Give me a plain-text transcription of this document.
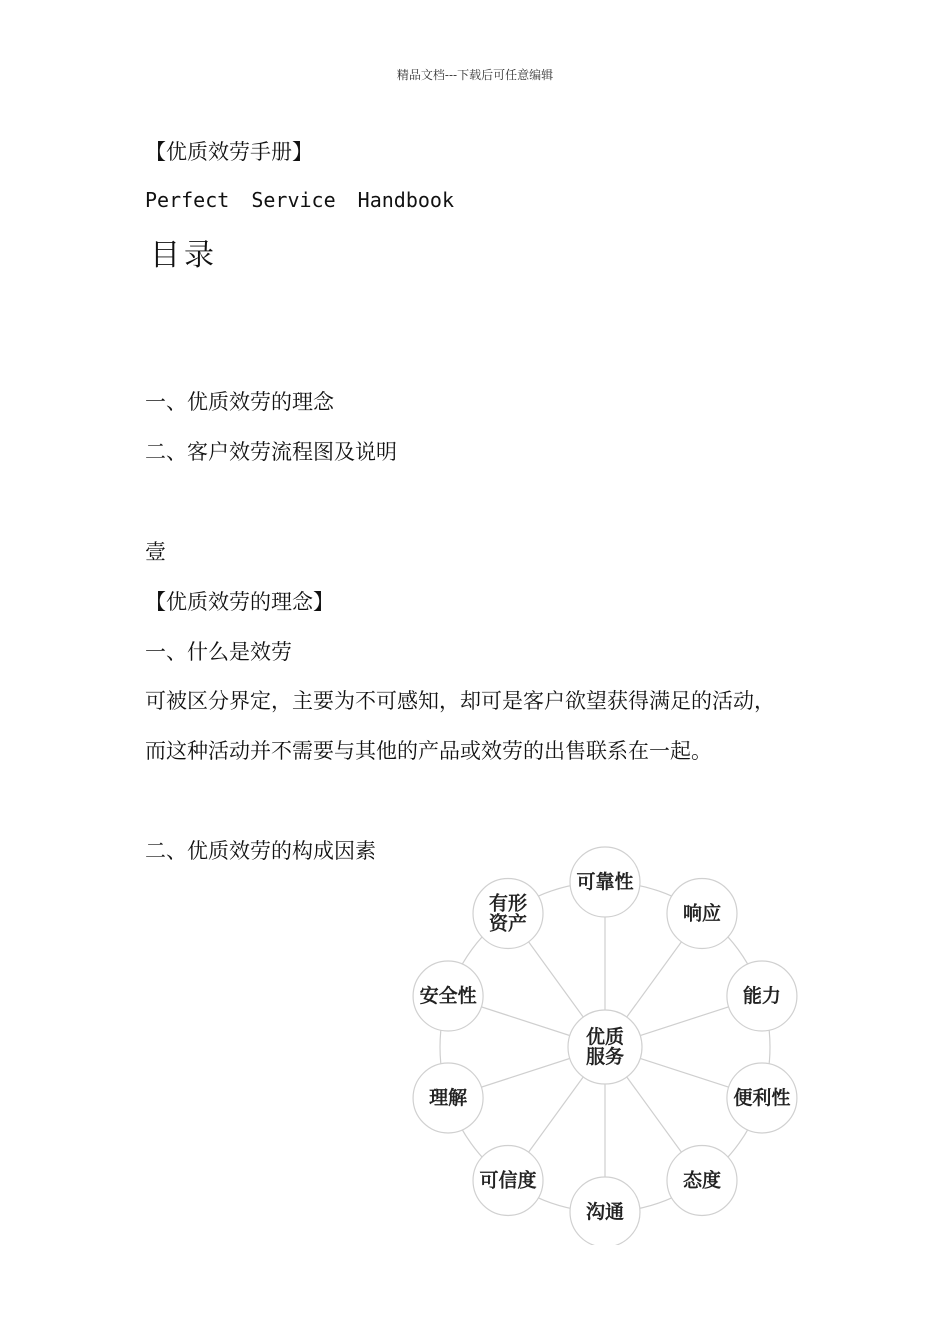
精品文档---下载后可任意编辑
【优质效劳手册】
Perfect Service Handbook
目录
一、优质效劳的理念
二、客户效劳流程图及说明
壹
【优质效劳的理念】
一、什么是效劳
可被区分界定，主要为不可感知，却可是客户欲望获得满足的活动，
而这种活动并不需要与其他的产品或效劳的出售联系在一起。
二、优质效劳的构成因素
可靠性
响应
能力
便利性
态度
沟通
可信度
理解
安全性
有形
资产
优质
服务
